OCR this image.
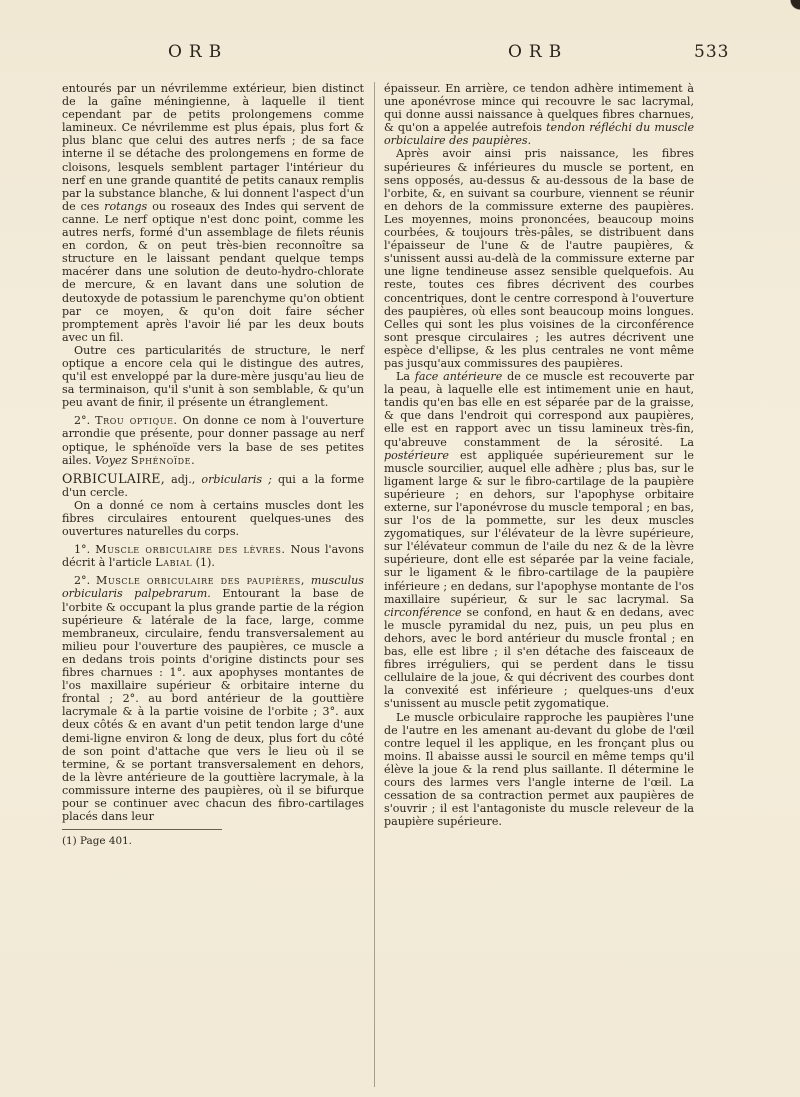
ORB	ORB	533

entourés par un névrilemme extérieur, bien distinct de la gaîne méningienne, à laquelle il tient cependant par de petits prolongemens comme lamineux. Ce névrilemme est plus épais, plus fort & plus blanc que celui des autres nerfs ; de sa face interne il se détache des prolongemens en forme de cloisons, lesquels semblent partager l'intérieur du nerf en une grande quantité de petits canaux remplis par la substance blanche, & lui donnent l'aspect d'un de ces rotangs ou roseaux des Indes qui servent de canne. Le nerf optique n'est donc point, comme les autres nerfs, formé d'un assemblage de filets réunis en cordon, & on peut très-bien reconnoître sa structure en le laissant pendant quelque temps macérer dans une solution de deuto-hydro-chlorate de mercure, & en lavant dans une solution de deutoxyde de potassium le parenchyme qu'on obtient par ce moyen, & qu'on doit faire sécher promptement après l'avoir lié par les deux bouts avec un fil.

Outre ces particularités de structure, le nerf optique a encore cela qui le distingue des autres, qu'il est enveloppé par la dure-mère jusqu'au lieu de sa terminaison, qu'il s'unit à son semblable, & qu'un peu avant de finir, il présente un étranglement.

2°. Trou optique. On donne ce nom à l'ouverture arrondie que présente, pour donner passage au nerf optique, le sphénoïde vers la base de ses petites ailes. Voyez Sphénoïde.

ORBICULAIRE, adj., orbicularis ; qui a la forme d'un cercle.

On a donné ce nom à certains muscles dont les fibres circulaires entourent quelques-unes des ouvertures naturelles du corps.

1°. Muscle orbiculaire des lèvres. Nous l'avons décrit à l'article Labial (1).

2°. Muscle orbiculaire des paupières, musculus orbicularis palpebrarum. Entourant la base de l'orbite & occupant la plus grande partie de la région supérieure & latérale de la face, large, comme membraneux, circulaire, fendu transversalement au milieu pour l'ouverture des paupières, ce muscle a en dedans trois points d'origine distincts pour ses fibres charnues : 1°. aux apophyses montantes de l'os maxillaire supérieur & orbitaire interne du frontal ; 2°. au bord antérieur de la gouttière lacrymale & à la partie voisine de l'orbite ; 3°. aux deux côtés & en avant d'un petit tendon large d'une demi-ligne environ & long de deux, plus fort du côté de son point d'attache que vers le lieu où il se termine, & se portant transversalement en dehors, de la lèvre antérieure de la gouttière lacrymale, à la commissure interne des paupières, où il se bifurque pour se continuer avec chacun des fibro-cartilages placés dans leur

(1) Page 401.

épaisseur. En arrière, ce tendon adhère intimement à une aponévrose mince qui recouvre le sac lacrymal, qui donne aussi naissance à quelques fibres charnues, & qu'on a appelée autrefois tendon réfléchi du muscle orbiculaire des paupières.

Après avoir ainsi pris naissance, les fibres supérieures & inférieures du muscle se portent, en sens opposés, au-dessus & au-dessous de la base de l'orbite, &, en suivant sa courbure, viennent se réunir en dehors de la commissure externe des paupières. Les moyennes, moins prononcées, beaucoup moins courbées, & toujours très-pâles, se distribuent dans l'épaisseur de l'une & de l'autre paupières, & s'unissent aussi au-delà de la commissure externe par une ligne tendineuse assez sensible quelquefois. Au reste, toutes ces fibres décrivent des courbes concentriques, dont le centre correspond à l'ouverture des paupières, où elles sont beaucoup moins longues. Celles qui sont les plus voisines de la circonférence sont presque circulaires ; les autres décrivent une espèce d'ellipse, & les plus centrales ne vont même pas jusqu'aux commissures des paupières.

La face antérieure de ce muscle est recouverte par la peau, à laquelle elle est intimement unie en haut, tandis qu'en bas elle en est séparée par de la graisse, & que dans l'endroit qui correspond aux paupières, elle est en rapport avec un tissu lamineux très-fin, qu'abreuve constamment de la sérosité. La postérieure est appliquée supérieurement sur le muscle sourcilier, auquel elle adhère ; plus bas, sur le ligament large & sur le fibro-cartilage de la paupière supérieure ; en dehors, sur l'apophyse orbitaire externe, sur l'aponévrose du muscle temporal ; en bas, sur l'os de la pommette, sur les deux muscles zygomatiques, sur l'élévateur de la lèvre supérieure, sur l'élévateur commun de l'aile du nez & de la lèvre supérieure, dont elle est séparée par la veine faciale, sur le ligament & le fibro-cartilage de la paupière inférieure ; en dedans, sur l'apophyse montante de l'os maxillaire supérieur, & sur le sac lacrymal. Sa circonférence se confond, en haut & en dedans, avec le muscle pyramidal du nez, puis, un peu plus en dehors, avec le bord antérieur du muscle frontal ; en bas, elle est libre ; il s'en détache des faisceaux de fibres irréguliers, qui se perdent dans le tissu cellulaire de la joue, & qui décrivent des courbes dont la convexité est inférieure ; quelques-uns d'eux s'unissent au muscle petit zygomatique.

Le muscle orbiculaire rapproche les paupières l'une de l'autre en les amenant au-devant du globe de l'œil contre lequel il les applique, en les fronçant plus ou moins. Il abaisse aussi le sourcil en même temps qu'il élève la joue & la rend plus saillante. Il détermine le cours des larmes vers l'angle interne de l'œil. La cessation de sa contraction permet aux paupières de s'ouvrir ; il est l'antagoniste du muscle releveur de la paupière supérieure.
